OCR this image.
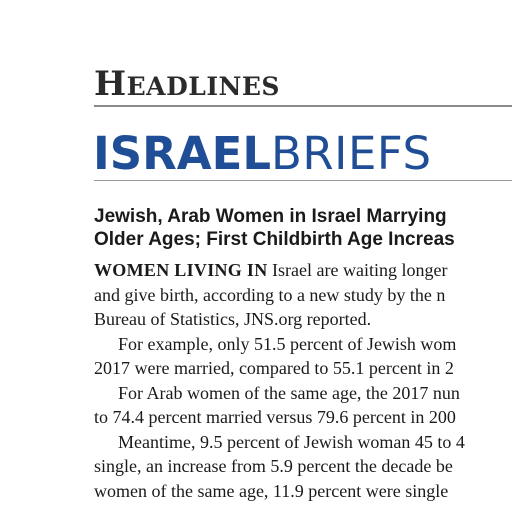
HEADLINES
ISRAELBRIEFS
Jewish, Arab Women in Israel Marrying
Older Ages; First Childbirth Age Increas
WOMEN LIVING IN Israel are waiting longer
and give birth, according to a new study by the n
Bureau of Statistics, JNS.org reported.
For example, only 51.5 percent of Jewish wom
2017 were married, compared to 55.1 percent in 2
For Arab women of the same age, the 2017 nun
to 74.4 percent married versus 79.6 percent in 200
Meantime, 9.5 percent of Jewish woman 45 to 4
single, an increase from 5.9 percent the decade be
women of the same age, 11.9 percent were single
